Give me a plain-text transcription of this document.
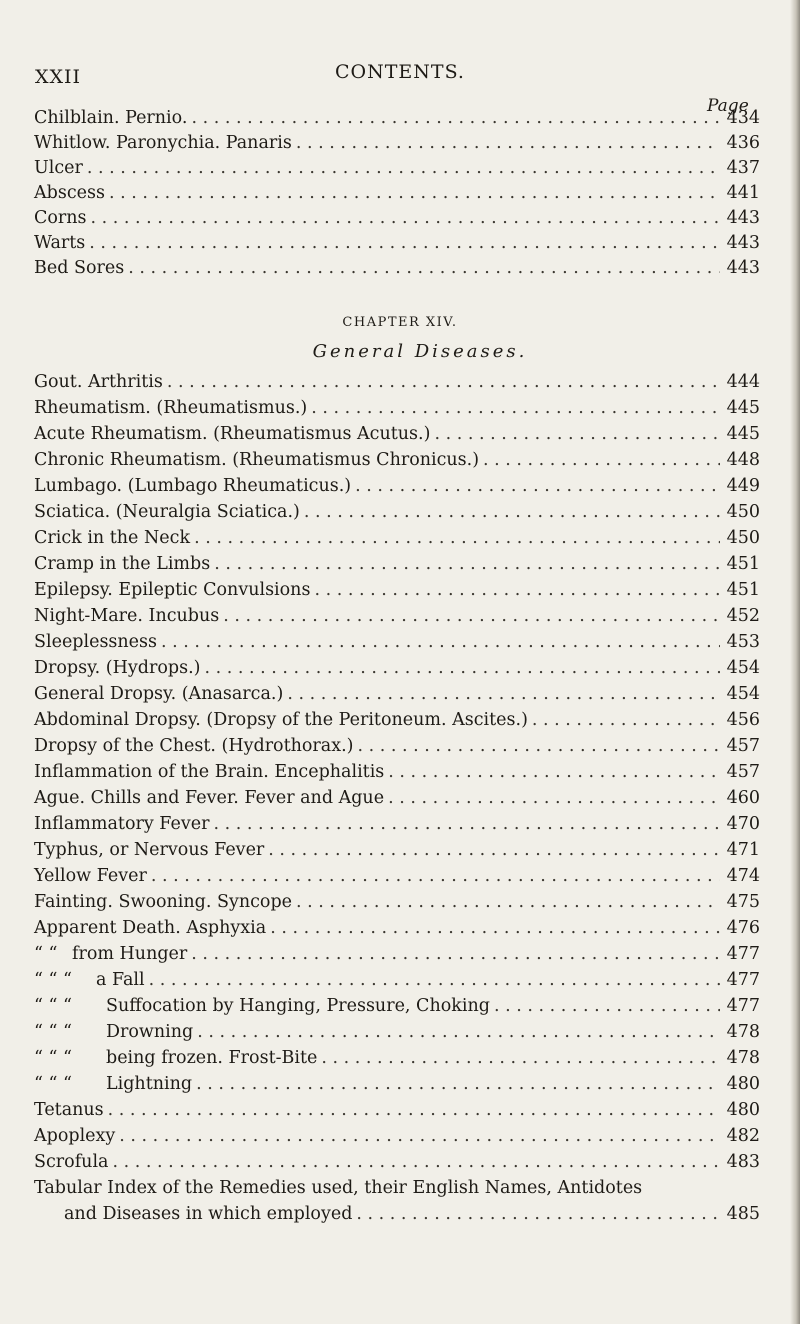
XXII	CONTENTS.
Page
Chilblain. Pernio. . . .	434
Whitlow. Paronychia. Panaris . . .	436
Ulcer . . .	437
Abscess . . .	441
Corns . . .	443
Warts . . .	443
Bed Sores . . .	443
CHAPTER XIV.
General Diseases.
Gout. Arthritis . . .	444
Rheumatism. (Rheumatismus.) . . .	445
Acute Rheumatism. (Rheumatismus Acutus.) . . .	445
Chronic Rheumatism. (Rheumatismus Chronicus.) . . .	448
Lumbago. (Lumbago Rheumaticus.) . . .	449
Sciatica. (Neuralgia Sciatica.) . . .	450
Crick in the Neck . . .	450
Cramp in the Limbs . . .	451
Epilepsy. Epileptic Convulsions . . .	451
Night-Mare. Incubus . . .	452
Sleeplessness . . .	453
Dropsy. (Hydrops.) . . .	454
General Dropsy. (Anasarca.) . . .	454
Abdominal Dropsy. (Dropsy of the Peritoneum. Ascites.) . . .	456
Dropsy of the Chest. (Hydrothorax.) . . .	457
Inflammation of the Brain. Encephalitis . . .	457
Ague. Chills and Fever. Fever and Ague . . .	460
Inflammatory Fever . . .	470
Typhus, or Nervous Fever . . .	471
Yellow Fever . . .	474
Fainting. Swooning. Syncope . . .	475
Apparent Death. Asphyxia . . .	476
“ “ from Hunger . . .	477
“ “ “ a Fall . . .	477
“ “ “ Suffocation by Hanging, Pressure, Choking . . .	477
“ “ “ Drowning . . .	478
“ “ “ being frozen. Frost-Bite . . .	478
“ “ “ Lightning . . .	480
Tetanus . . .	480
Apoplexy . . .	482
Scrofula . . .	483
Tabular Index of the Remedies used, their English Names, Antidotes
and Diseases in which employed . . .	485
